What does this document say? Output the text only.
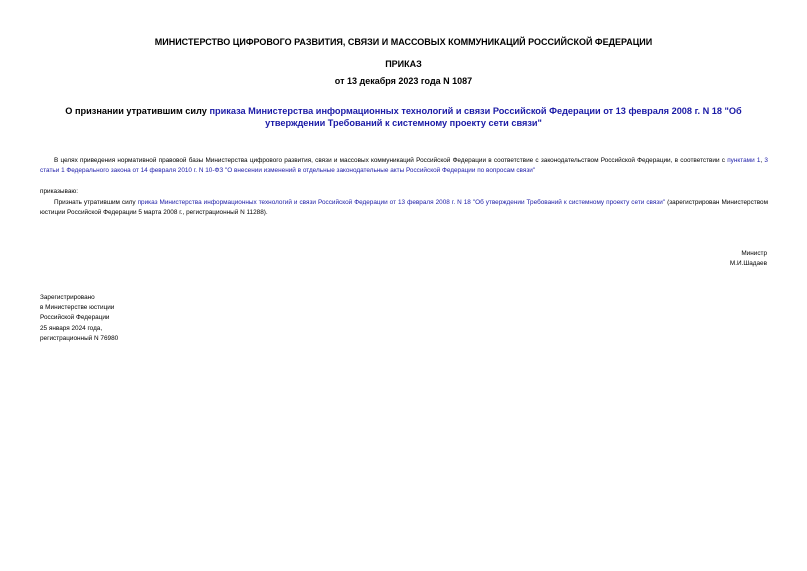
МИНИСТЕРСТВО ЦИФРОВОГО РАЗВИТИЯ, СВЯЗИ И МАССОВЫХ КОММУНИКАЦИЙ РОССИЙСКОЙ ФЕДЕРАЦИИ
ПРИКАЗ
от 13 декабря 2023 года N 1087
О признании утратившим силу приказа Министерства информационных технологий и связи Российской Федерации от 13 февраля 2008 г. N 18 "Об утверждении Требований к системному проекту сети связи"
В целях приведения нормативной правовой базы Министерства цифрового развития, связи и массовых коммуникаций Российской Федерации в соответствие с законодательством Российской Федерации, в соответствии с пунктами 1, 3 статьи 1 Федерального закона от 14 февраля 2010 г. N 10-ФЗ "О внесении изменений в отдельные законодательные акты Российской Федерации по вопросам связи"
приказываю:
Признать утратившим силу приказ Министерства информационных технологий и связи Российской Федерации от 13 февраля 2008 г. N 18 "Об утверждении Требований к системному проекту сети связи" (зарегистрирован Министерством юстиции Российской Федерации 5 марта 2008 г., регистрационный N 11288).
Министр
М.И.Шадаев
Зарегистрировано
в Министерстве юстиции
Российской Федерации
25 января 2024 года,
регистрационный N 76980
